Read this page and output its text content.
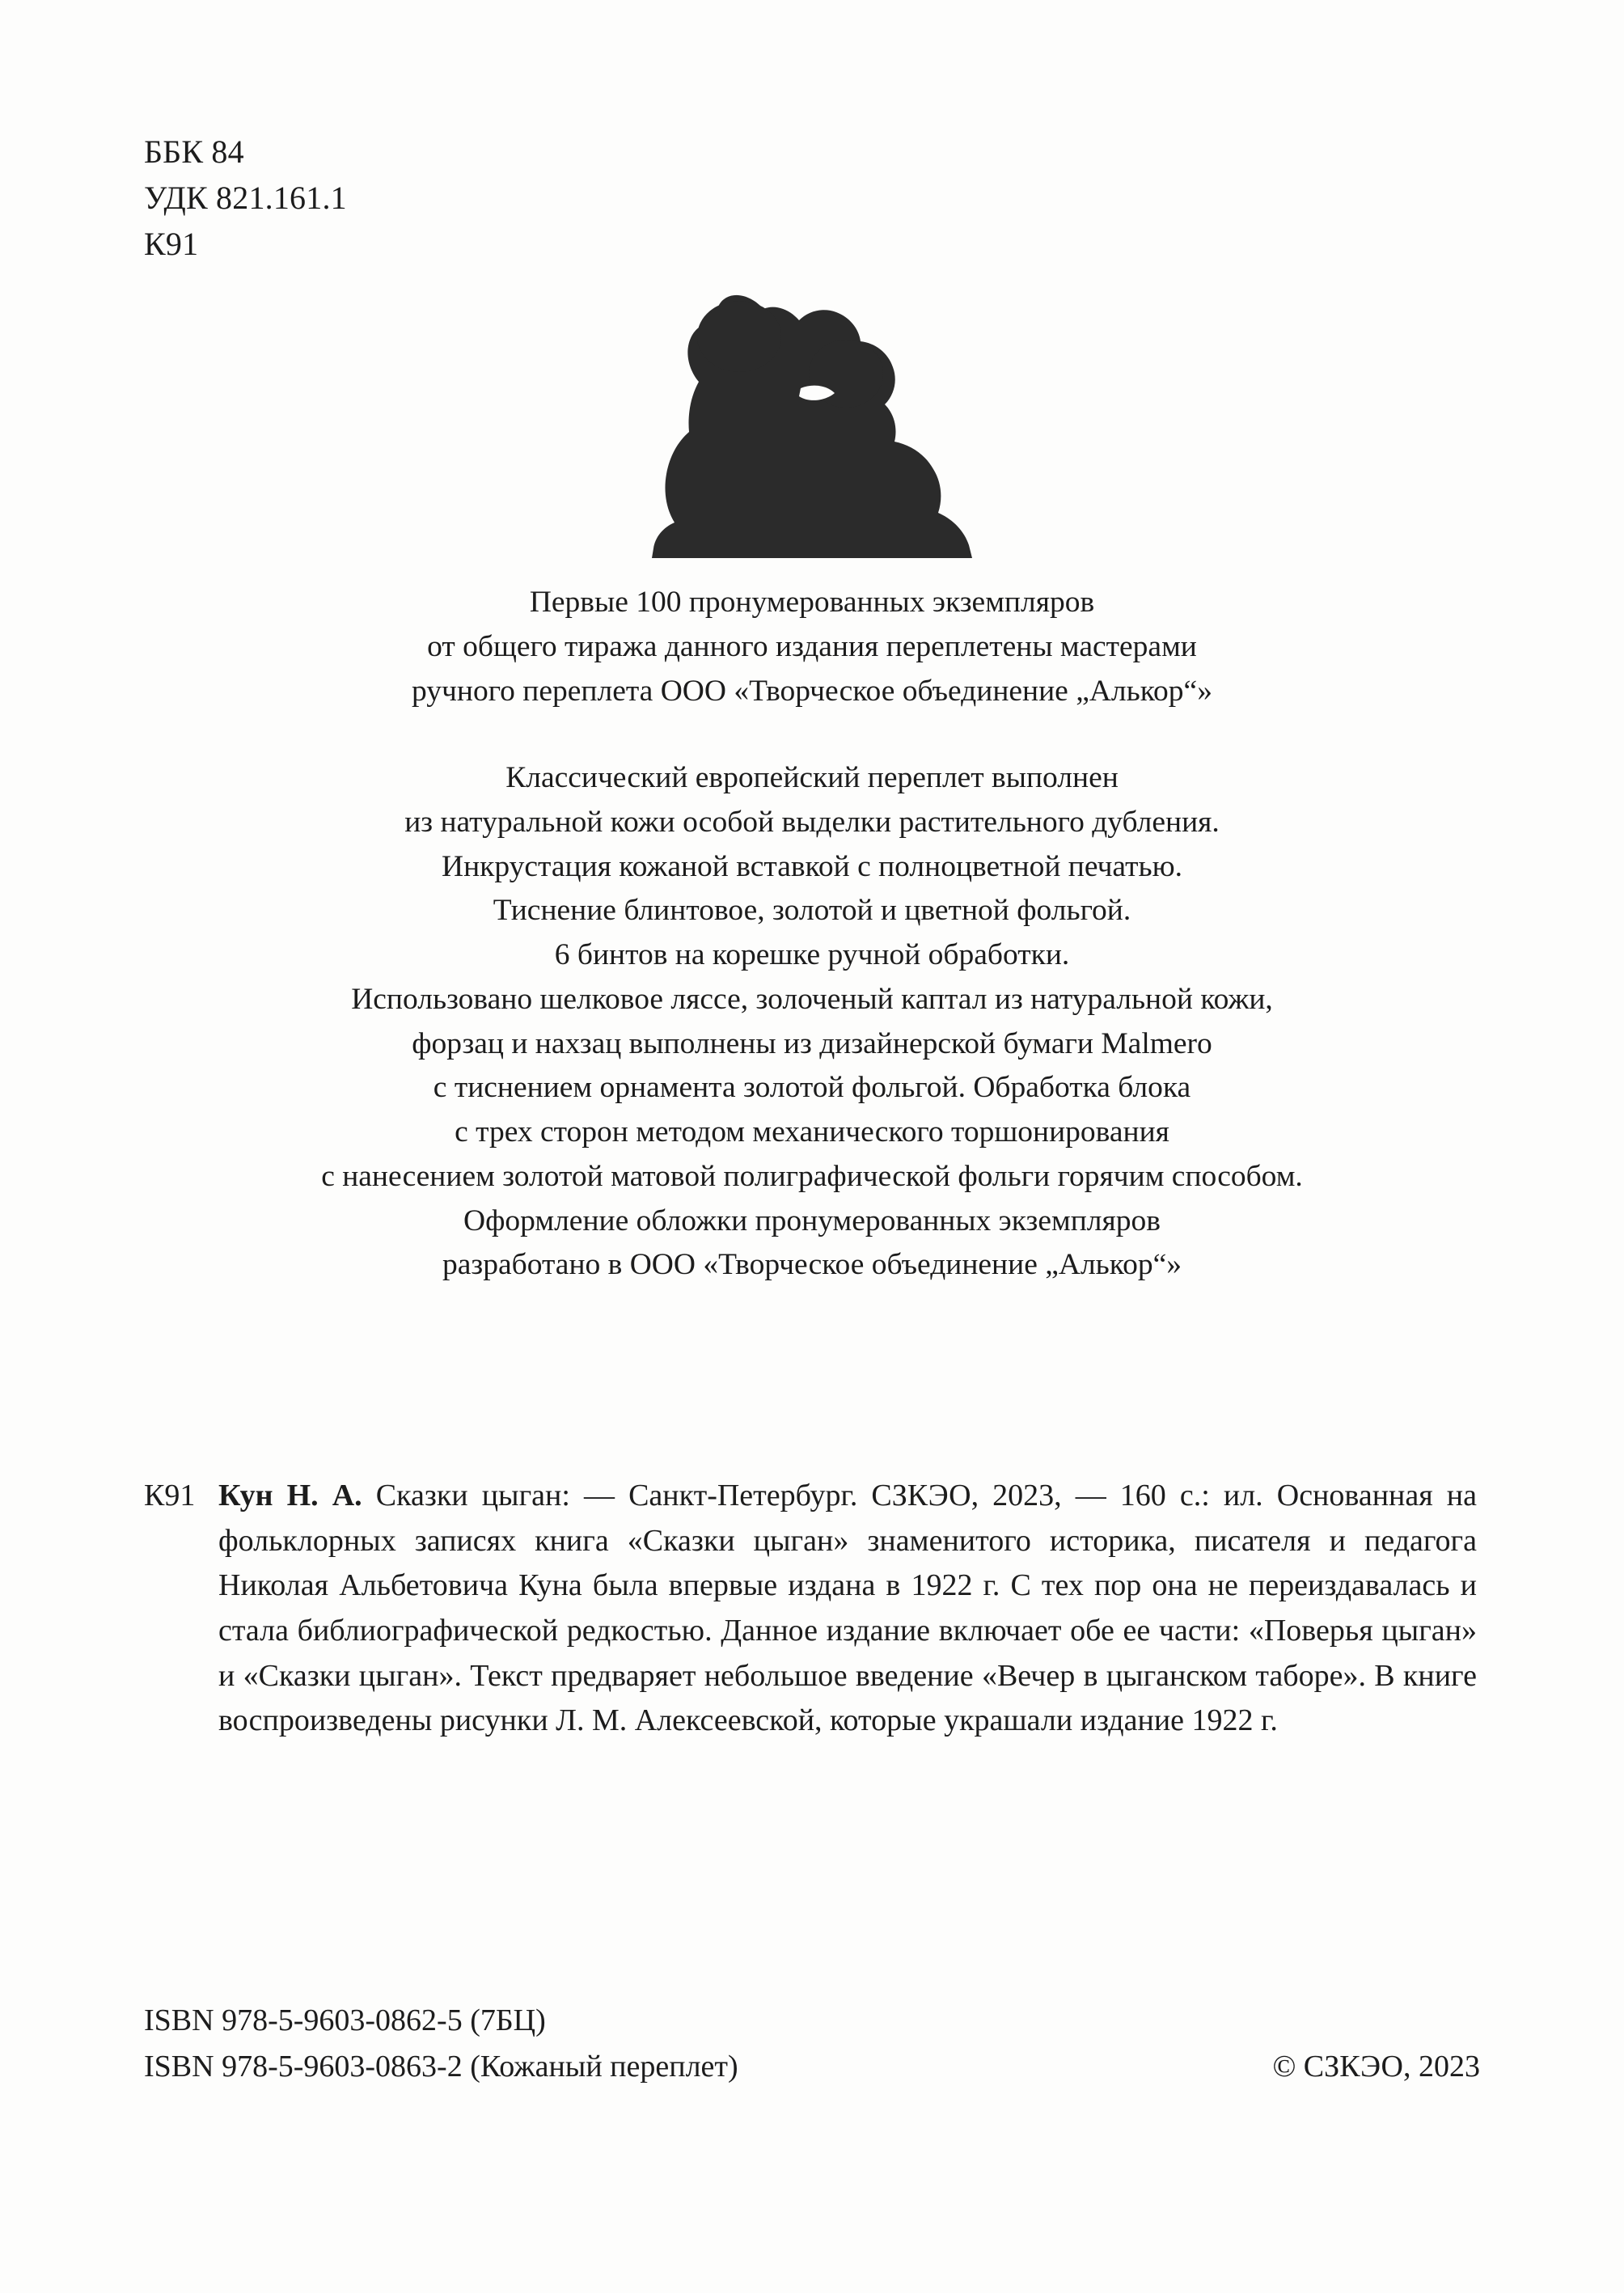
ББК 84
УДК 821.161.1
К91

Первые 100 пронумерованных экземпляров

от общего тиража данного издания переплетены мастерами

ручного переплета ООО «Творческое объединение „Алькор“»

Классический европейский переплет выполнен

из натуральной кожи особой выделки растительного дубления.

Инкрустация кожаной вставкой с полноцветной печатью.

Тиснение блинтовое, золотой и цветной фольгой.

6 бинтов на корешке ручной обработки.

Использовано шелковое ляссе, золоченый каптал из натуральной кожи,

форзац и нахзац выполнены из дизайнерской бумаги Malmero

с тиснением орнамента золотой фольгой. Обработка блока

с трех сторон методом механического торшонирования

с нанесением золотой матовой полиграфической фольги горячим способом.

Оформление обложки пронумерованных экземпляров

разработано в ООО «Творческое объединение „Алькор“»

К91 Кун Н. А. Сказки цыган: — Санкт-Петербург. СЗКЭО, 2023, — 160 с.: ил. Основанная на фольклорных записях книга «Сказки цыган» знаменитого историка, писателя и педагога Николая Альбетовича Куна была впервые издана в 1922 г. С тех пор она не переиздавалась и стала библиографической редкостью. Данное издание включает обе ее части: «Поверья цыган» и «Сказки цыган». Текст предваряет небольшое введение «Вечер в цыганском таборе». В книге воспроизведены рисунки Л. М. Алексеевской, которые украшали издание 1922 г.
ISBN 978-5-9603-0862-5 (7БЦ)
ISBN 978-5-9603-0863-2 (Кожаный переплет)	© СЗКЭО, 2023
